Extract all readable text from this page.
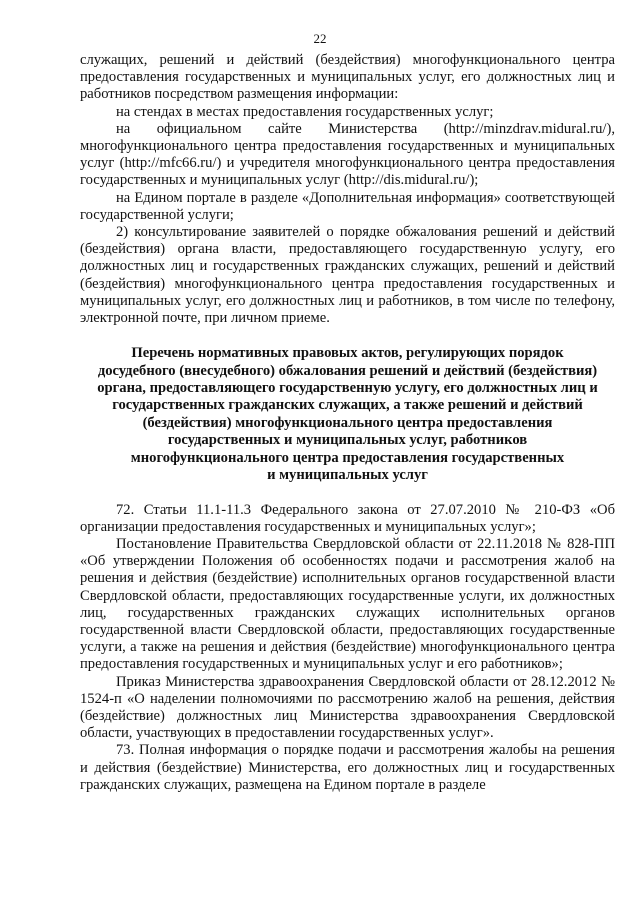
22

служащих, решений и действий (бездействия) многофункционального центра предоставления государственных и муниципальных услуг, его должностных лиц и работников посредством размещения информации:

на стендах в местах предоставления государственных услуг;

на официальном сайте Министерства (http://minzdrav.midural.ru/), многофункционального центра предоставления государственных и муниципальных услуг (http://mfc66.ru/) и учредителя многофункционального центра предоставления государственных и муниципальных услуг (http://dis.midural.ru/);

на Едином портале в разделе «Дополнительная информация» соответствующей государственной услуги;

2) консультирование заявителей о порядке обжалования решений и действий (бездействия) органа власти, предоставляющего государственную услугу, его должностных лиц и государственных гражданских служащих, решений и действий (бездействия) многофункционального центра предоставления государственных и муниципальных услуг, его должностных лиц и работников, в том числе по телефону, электронной почте, при личном приеме.

Перечень нормативных правовых актов, регулирующих порядок
досудебного (внесудебного) обжалования решений и действий (бездействия)
органа, предоставляющего государственную услугу, его должностных лиц и
государственных гражданских служащих, а также решений и действий
(бездействия) многофункционального центра предоставления
государственных и муниципальных услуг, работников
многофункционального центра предоставления государственных
и муниципальных услуг

72. Статьи 11.1-11.3 Федерального закона от 27.07.2010 № 210-ФЗ «Об организации предоставления государственных и муниципальных услуг»;

Постановление Правительства Свердловской области от 22.11.2018 № 828-ПП «Об утверждении Положения об особенностях подачи и рассмотрения жалоб на решения и действия (бездействие) исполнительных органов государственной власти Свердловской области, предоставляющих государственные услуги, их должностных лиц, государственных гражданских служащих исполнительных органов государственной власти Свердловской области, предоставляющих государственные услуги, а также на решения и действия (бездействие) многофункционального центра предоставления государственных и муниципальных услуг и его работников»;

Приказ Министерства здравоохранения Свердловской области от 28.12.2012 № 1524-п «О наделении полномочиями по рассмотрению жалоб на решения, действия (бездействие) должностных лиц Министерства здравоохранения Свердловской области, участвующих в предоставлении государственных услуг».

73. Полная информация о порядке подачи и рассмотрения жалобы на решения и действия (бездействие) Министерства, его должностных лиц и государственных гражданских служащих, размещена на Едином портале в разделе
